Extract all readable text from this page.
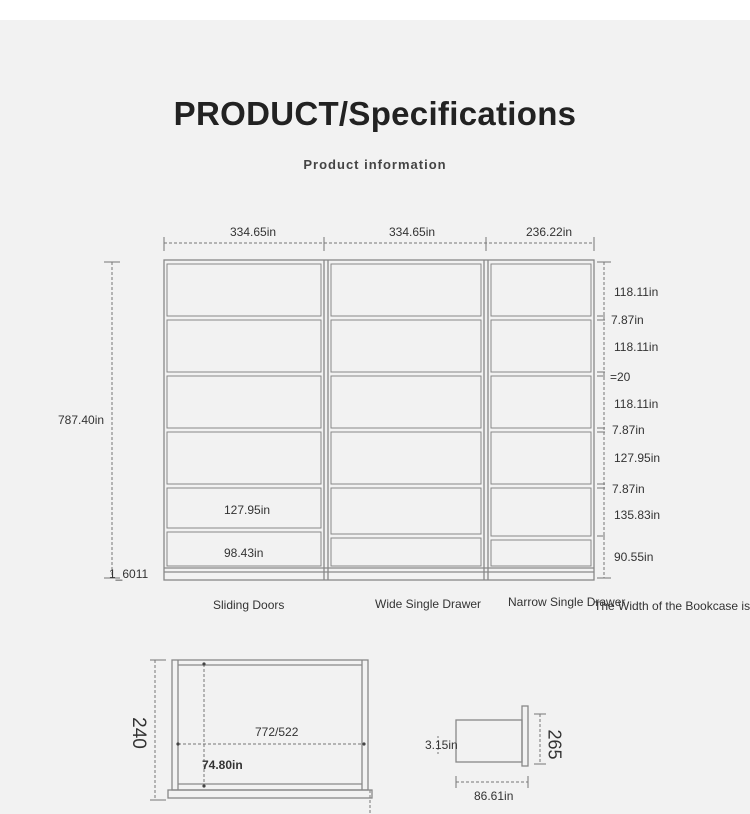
PRODUCT/Specifications
Product information
334.65in	334.65in	236.22in
787.40in
118.11in
7.87in
118.11in
=20
118.11in
7.87in
127.95in
7.87in
135.83in
90.55in
127.95in
98.43in
1_6011
Sliding Doors	Wide Single Drawer Narrow Single Drawer
The Width of the Bookcase is
240	772/522
74.80in
3.15in	265
86.61in
